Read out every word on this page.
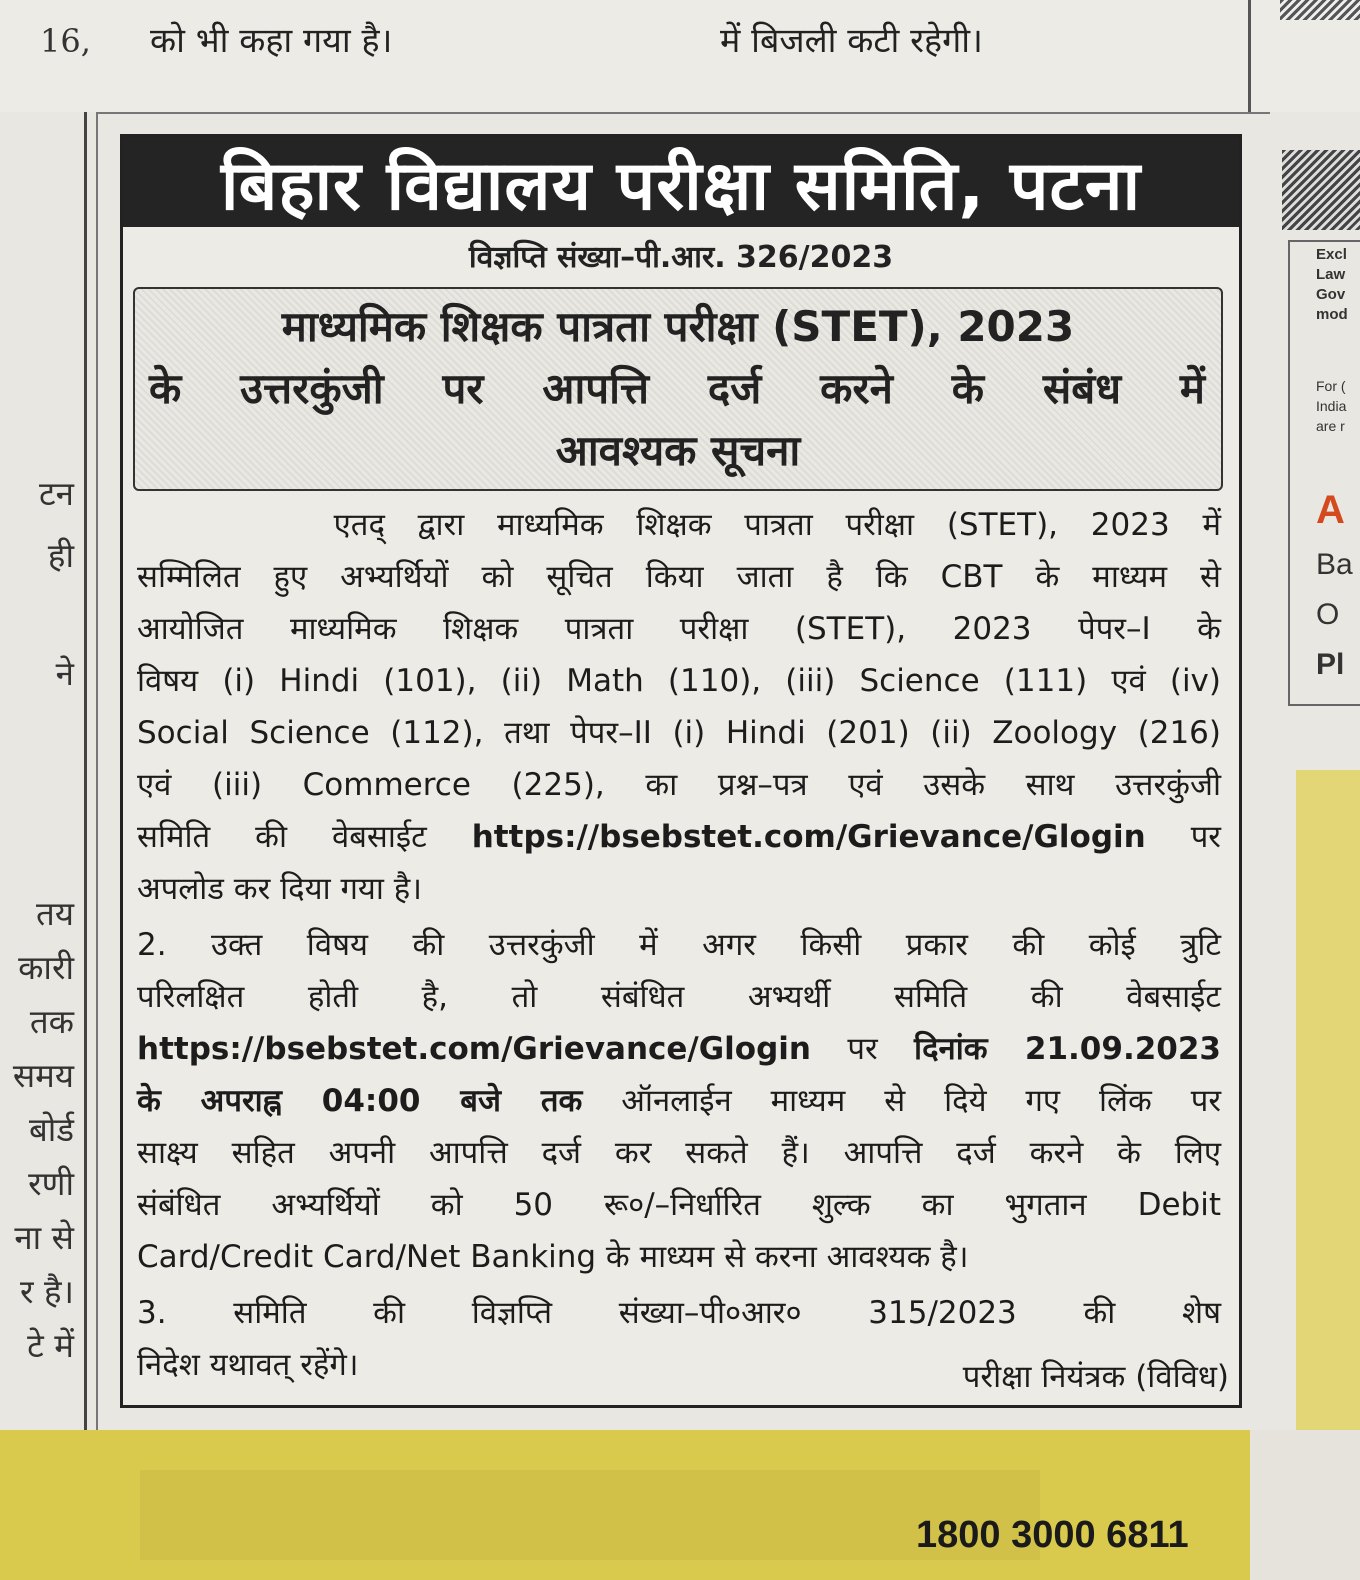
16, को भी कहा गया है।	में बिजली कटी रहेगी।
टन
ही
ने
तय
कारी
तक
समय
बोर्ड
रणी
ना से
र है।
टे में
Excl
Law
Gov
mod
For (
India
are r
A
Ba
O
Pl
बिहार विद्यालय परीक्षा समिति, पटना
विज्ञप्ति संख्या–पी.आर. 326/2023
माध्यमिक शिक्षक पात्रता परीक्षा (STET), 2023
के उत्तरकुंजी पर आपत्ति दर्ज करने के संबंध में
आवश्यक सूचना
एतद् द्वारा माध्यमिक शिक्षक पात्रता परीक्षा (STET), 2023 में
सम्मिलित हुए अभ्यर्थियों को सूचित किया जाता है कि CBT के माध्यम से
आयोजित माध्यमिक शिक्षक पात्रता परीक्षा (STET), 2023 पेपर–I के
विषय (i) Hindi (101), (ii) Math (110), (iii) Science (111) एवं (iv)
Social Science (112), तथा पेपर–II (i) Hindi (201) (ii) Zoology (216)
एवं (iii) Commerce (225), का प्रश्न–पत्र एवं उसके साथ उत्तरकुंजी
समिति की वेबसाईट https://bsebstet.com/Grievance/Glogin पर
अपलोड कर दिया गया है।
2. उक्त विषय की उत्तरकुंजी में अगर किसी प्रकार की कोई त्रुटि
परिलक्षित होती है, तो संबंधित अभ्यर्थी समिति की वेबसाईट
https://bsebstet.com/Grievance/Glogin पर दिनांक 21.09.2023
के अपराह्न 04:00 बजे तक ऑनलाईन माध्यम से दिये गए लिंक पर
साक्ष्य सहित अपनी आपत्ति दर्ज कर सकते हैं। आपत्ति दर्ज करने के लिए
संबंधित अभ्यर्थियों को 50 रू०/–निर्धारित शुल्क का भुगतान Debit
Card/Credit Card/Net Banking के माध्यम से करना आवश्यक है।
3. समिति की विज्ञप्ति संख्या–पी०आर० 315/2023 की शेष
निदेश यथावत् रहेंगे।	परीक्षा नियंत्रक (विविध)
1800 3000 6811
